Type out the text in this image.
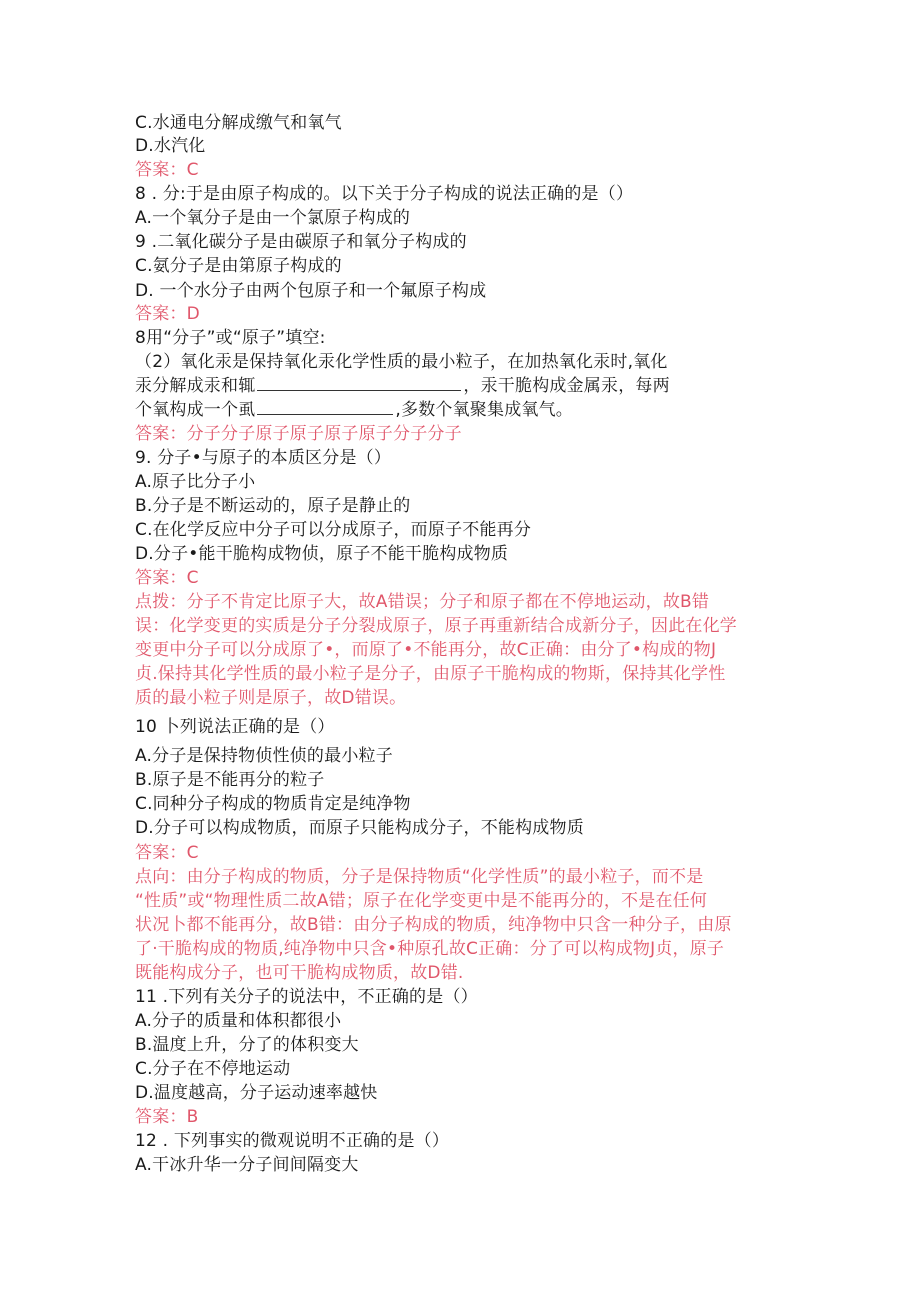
C.水通电分解成缴气和氧气
D.水汽化
答案：C
8 . 分:于是由原子构成的。以下关于分子构成的说法正确的是（）
A.一个氧分子是由一个氯原子构成的
9 .二氧化碳分子是由碳原子和氧分子构成的
C.氨分子是由第原子构成的
D. 一个水分子由两个包原子和一个氟原子构成
答案：D
8用“分子”或“原子”填空:
（2）氧化汞是保持氧化汞化学性质的最小粒子，在加热氧化汞时,氧化
汞分解成汞和辄	，汞干脆构成金属汞，每两
个氧构成一个虱	,多数个氧聚集成氧气。
答案：分子分子原子原子原子原子分子分子
9. 分子•与原子的本质区分是（）
A.原子比分子小
B.分子是不断运动的，原子是静止的
C.在化学反应中分子可以分成原子，而原子不能再分
D.分子•能干脆构成物侦，原子不能干脆构成物质
答案：C
点拨：分子不肯定比原子大，故A错误；分子和原子都在不停地运动，故B错
误：化学变更的实质是分子分裂成原子，原子再重新结合成新分子，因此在化学
变更中分子可以分成原了•，而原了•不能再分，故C正确：由分了•构成的物J
贞.保持其化学性质的最小粒子是分子，由原子干脆构成的物斯，保持其化学性
质的最小粒子则是原子，故D错误。
10 卜列说法正确的是（）
A.分子是保持物侦性侦的最小粒子
B.原子是不能再分的粒子
C.同种分子构成的物质肯定是纯净物
D.分子可以构成物质，而原子只能构成分子，不能构成物质
答案：C
点向：由分子构成的物质，分子是保持物质“化学性质”的最小粒子，而不是
“性质”或“物理性质二故A错；原子在化学变更中是不能再分的，不是在任何
状况卜都不能再分，故B错：由分子构成的物质，纯净物中只含一种分子，由原
了·干脆构成的物质,纯净物中只含•种原孔故C正确：分了可以构成物J贞，原子
既能构成分子，也可干脆构成物质，故D错.
11 .下列有关分子的说法中，不正确的是（）
A.分子的质量和体积都很小
B.温度上升，分了的体积变大
C.分子在不停地运动
D.温度越高，分子运动速率越快
答案：B
12 . 下列事实的微观说明不正确的是（）
A.干冰升华一分子间间隔变大
